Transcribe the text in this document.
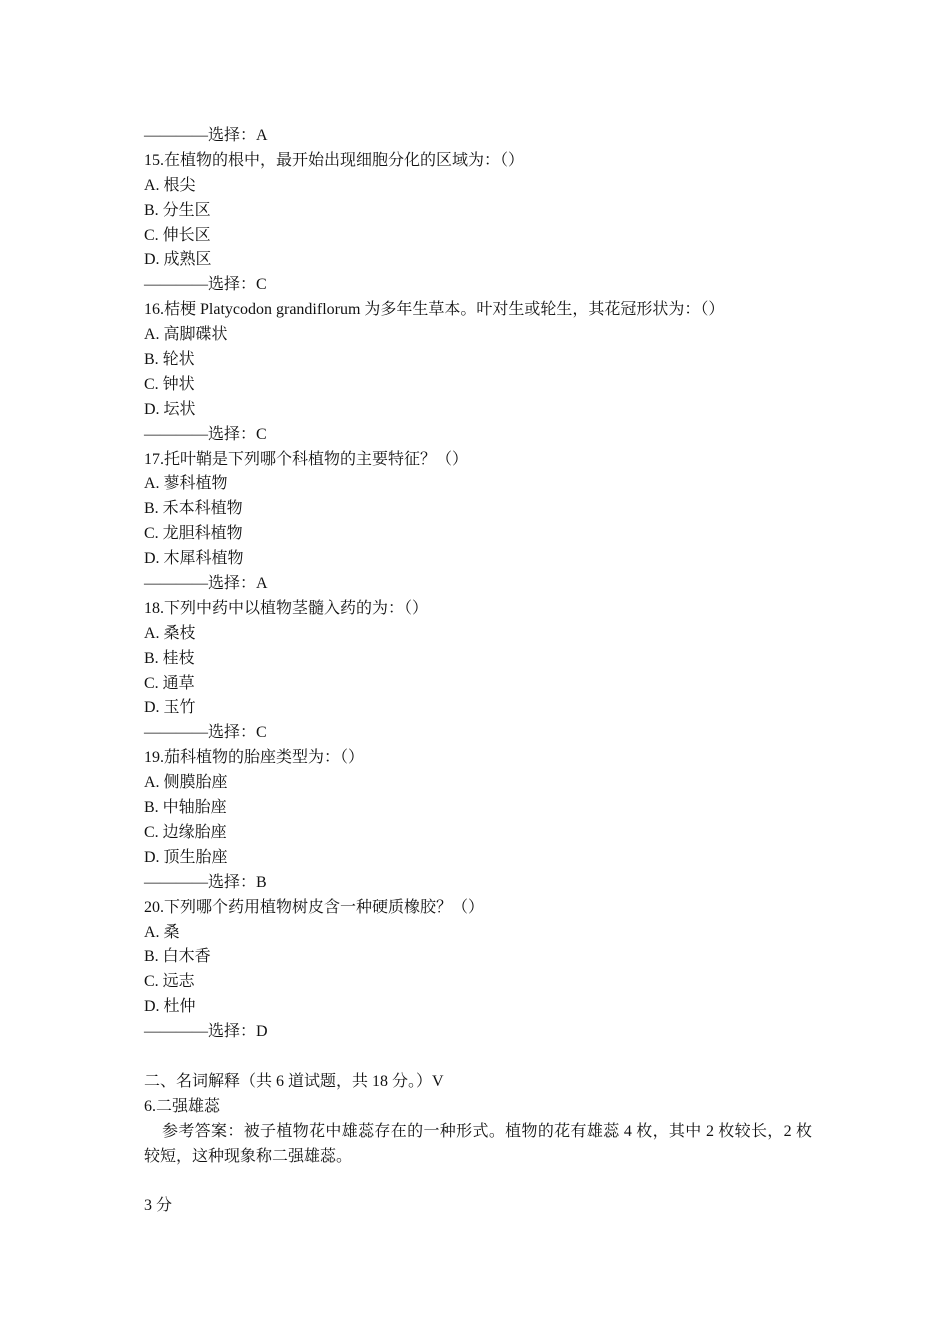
————选择：A
15.在植物的根中，最开始出现细胞分化的区域为：（）
A. 根尖
B. 分生区
C. 伸长区
D. 成熟区
————选择：C
16.桔梗 Platycodon grandiflorum 为多年生草本。叶对生或轮生，其花冠形状为：（）
A. 高脚碟状
B. 轮状
C. 钟状
D. 坛状
————选择：C
17.托叶鞘是下列哪个科植物的主要特征？（）
A. 蓼科植物
B. 禾本科植物
C. 龙胆科植物
D. 木犀科植物
————选择：A
18.下列中药中以植物茎髓入药的为：（）
A. 桑枝
B. 桂枝
C. 通草
D. 玉竹
————选择：C
19.茄科植物的胎座类型为：（）
A. 侧膜胎座
B. 中轴胎座
C. 边缘胎座
D. 顶生胎座
————选择：B
20.下列哪个药用植物树皮含一种硬质橡胶？（）
A. 桑
B. 白木香
C. 远志
D. 杜仲
————选择：D
二、名词解释（共 6 道试题，共 18 分。）V
6.二强雄蕊
参考答案：被子植物花中雄蕊存在的一种形式。植物的花有雄蕊 4 枚，其中 2 枚较长，2 枚较短，这种现象称二强雄蕊。
3 分
